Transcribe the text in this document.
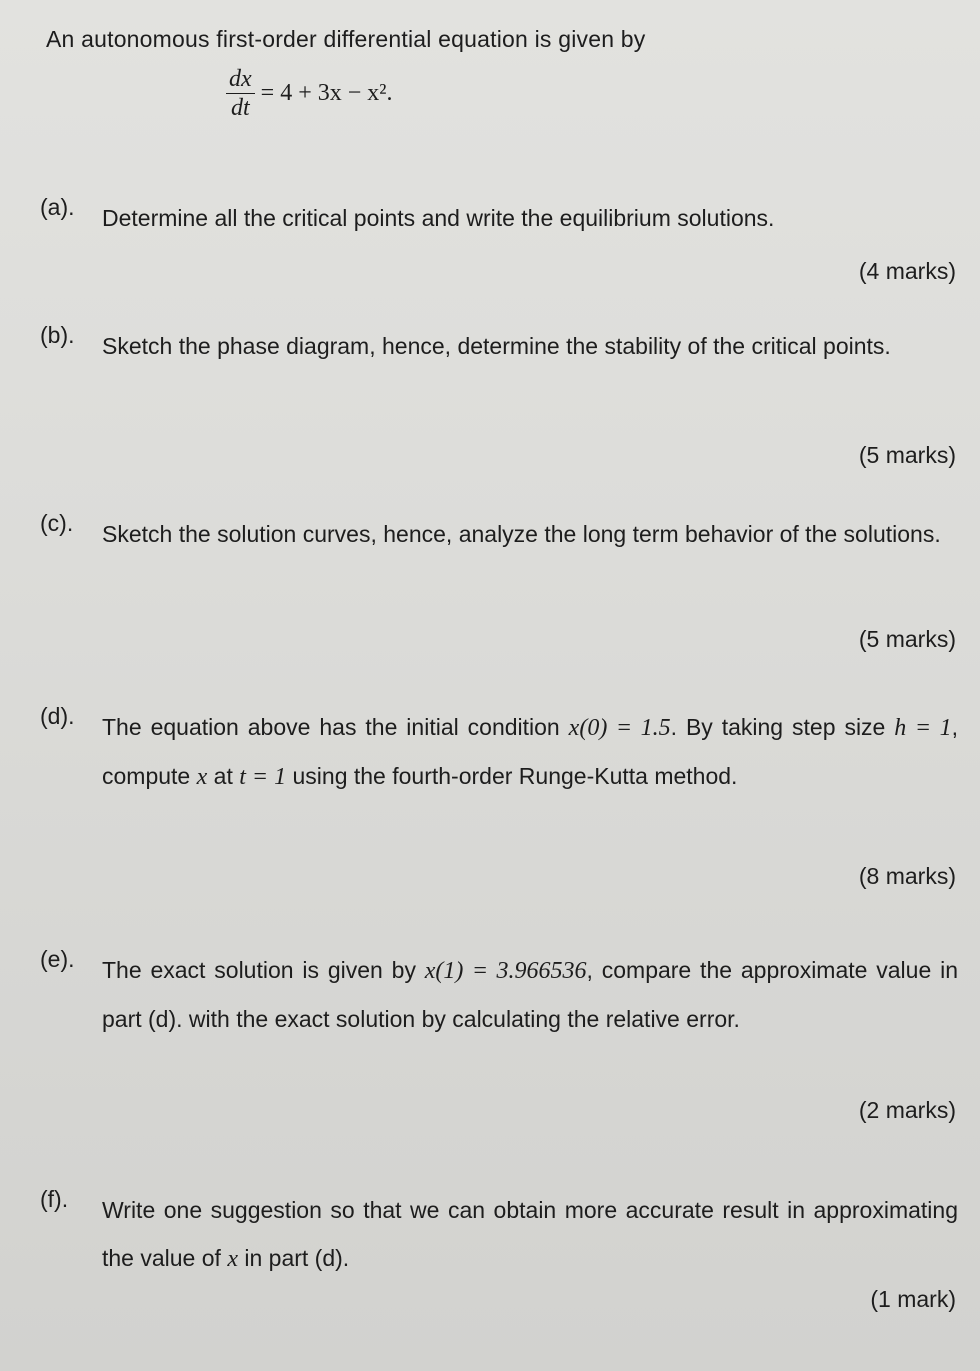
An autonomous first-order differential equation is given by

$\frac{dx}{dt} = 4 + 3x - x^2$.
(a). Determine all the critical points and write the equilibrium solutions.

(4 marks)
(b). Sketch the phase diagram, hence, determine the stability of the critical points.

(5 marks)
(c). Sketch the solution curves, hence, analyze the long term behavior of the solutions.

(5 marks)
(d). The equation above has the initial condition x(0) = 1.5. By taking step size h = 1, compute x at t = 1 using the fourth-order Runge-Kutta method.

(8 marks)
(e). The exact solution is given by x(1) = 3.966536, compare the approximate value in part (d). with the exact solution by calculating the relative error.

(2 marks)
(f). Write one suggestion so that we can obtain more accurate result in approximating the value of x in part (d).

(1 mark)
